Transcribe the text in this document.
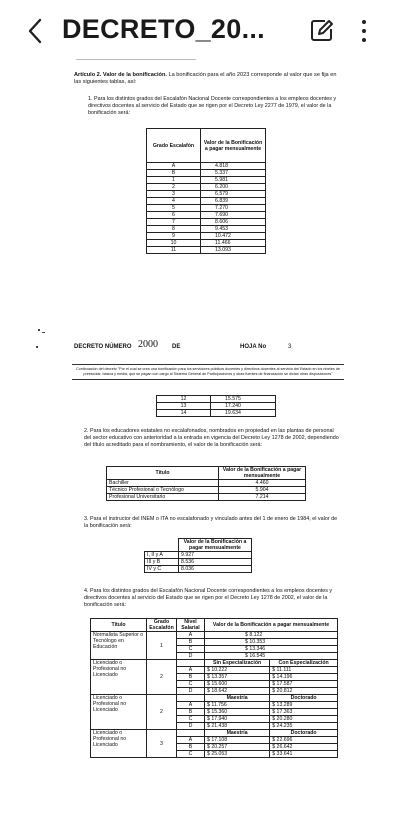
DECRETO_20...
Artículo 2. Valor de la bonificación. La bonificación para el año 2023 corresponde al valor que se fija en las siguientes tablas, así:
1. Para los distintos grados del Escalafón Nacional Docente correspondientes a los empleos docentes y directivos docentes al servicio del Estado que se rigen por el Decreto Ley 2277 de 1979, el valor de la bonificación será:
Grado Escalafón	Valor de la Bonificación a pagar mensualmente
A	4.818
B	5.337
1	5.981
2	6.200
3	6.579
4	6.839
5	7.270
6	7.690
7	8.606
8	9.453
9	10.472
10	11.466
11	13.093
DECRETO NÚMERO 2000 DE	HOJA No	3
Continuación del decreto "Por el cual se crea una bonificación para los servidores públicos docentes y directivos docentes al servicio del Estado en los niveles de preescolar, básica y media, que se pagan con cargo al Sistema General de Participaciones y otras fuentes de financiación se dictan otras disposiciones"
12	15.575
13	17.240
14	19.634
2. Para los educadores estatales no escalafonados, nombrados en propiedad en las plantas de personal del sector educativo con anterioridad a la entrada en vigencia del Decreto Ley 1278 de 2002, dependiendo del título acreditado para el nombramiento, el valor de la bonificación será:
Título	Valor de la Bonificación a pagar mensualmente
Bachiller	4.460
Técnico Profesional o Tecnólogo	5.904
Profesional Universitario	7.214
3. Para el instructor del INEM o ITA no escalafonado y vinculado antes del 1 de enero de 1984, el valor de la bonificación será:
	Valor de la Bonificación a pagar mensualmente
I, II y A	9.927
III y B	8.536
IV y C	8.036
4. Para los distintos grados del Escalafón Nacional Docente correspondientes a los empleos docentes y directivos docentes al servicio del Estado que se rigen por el Decreto Ley 1278 de 2002, el valor de la bonificación será:
Título	Grado Escalafón	Nivel Salarial	Valor de la Bonificación a pagar mensualmente	
Normalista Superior o Tecnólogo en Educación	1	A	$ 8.122	
		B	$ 10.353	
		C	$ 13.346	
		D	$ 16.545	
Licenciado o Profesional no Licenciado	2		Sin Especialización	Con Especialización
		A	$ 10.222	$ 11.111
		B	$ 13.357	$ 14.196
		C	$ 15.600	$ 17.587
		D	$ 18.642	$ 20.812
Licenciado o Profesional no Licenciado	2		Maestría	Doctorado
		A	$ 11.756	$ 13.289
		B	$ 15.360	$ 17.363
		C	$ 17.940	$ 20.280
		D	$ 21.438	$ 24.235
Licenciado o Profesional no Licenciado	3		Maestría	Doctorado
		A	$ 17.108	$ 22.696
		B	$ 20.257	$ 26.642
		C	$ 25.053	$ 33.641
